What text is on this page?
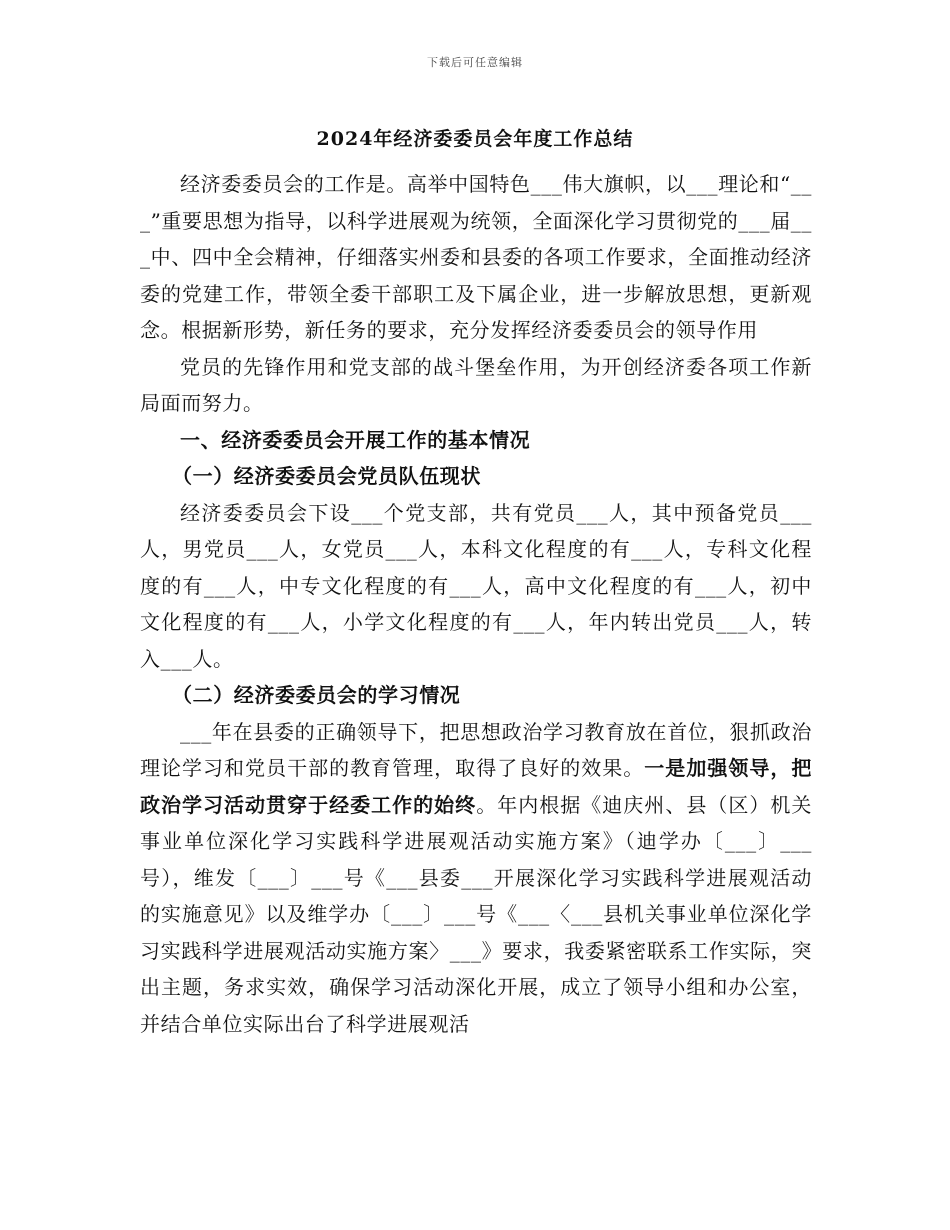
下载后可任意编辑
2024年经济委委员会年度工作总结

经济委委员会的工作是。高举中国特色___伟大旗帜，以___理论和“___”重要思想为指导，以科学进展观为统领，全面深化学习贯彻党的___届___中、四中全会精神，仔细落实州委和县委的各项工作要求，全面推动经济委的党建工作，带领全委干部职工及下属企业，进一步解放思想，更新观念。根据新形势，新任务的要求，充分发挥经济委委员会的领导作用

党员的先锋作用和党支部的战斗堡垒作用，为开创经济委各项工作新局面而努力。

一、经济委委员会开展工作的基本情况

（一）经济委委员会党员队伍现状

经济委委员会下设___个党支部，共有党员___人，其中预备党员___人，男党员___人，女党员___人，本科文化程度的有___人，专科文化程度的有___人，中专文化程度的有___人，高中文化程度的有___人，初中文化程度的有___人，小学文化程度的有___人，年内转出党员___人，转入___人。

（二）经济委委员会的学习情况

___年在县委的正确领导下，把思想政治学习教育放在首位，狠抓政治理论学习和党员干部的教育管理，取得了良好的效果。一是加强领导，把政治学习活动贯穿于经委工作的始终。年内根据《迪庆州、县（区）机关事业单位深化学习实践科学进展观活动实施方案》（迪学办〔___〕___号），维发〔___〕___号《___县委___开展深化学习实践科学进展观活动的实施意见》以及维学办〔___〕___号《___〈___县机关事业单位深化学习实践科学进展观活动实施方案〉___》要求，我委紧密联系工作实际，突出主题，务求实效，确保学习活动深化开展，成立了领导小组和办公室，并结合单位实际出台了科学进展观活
